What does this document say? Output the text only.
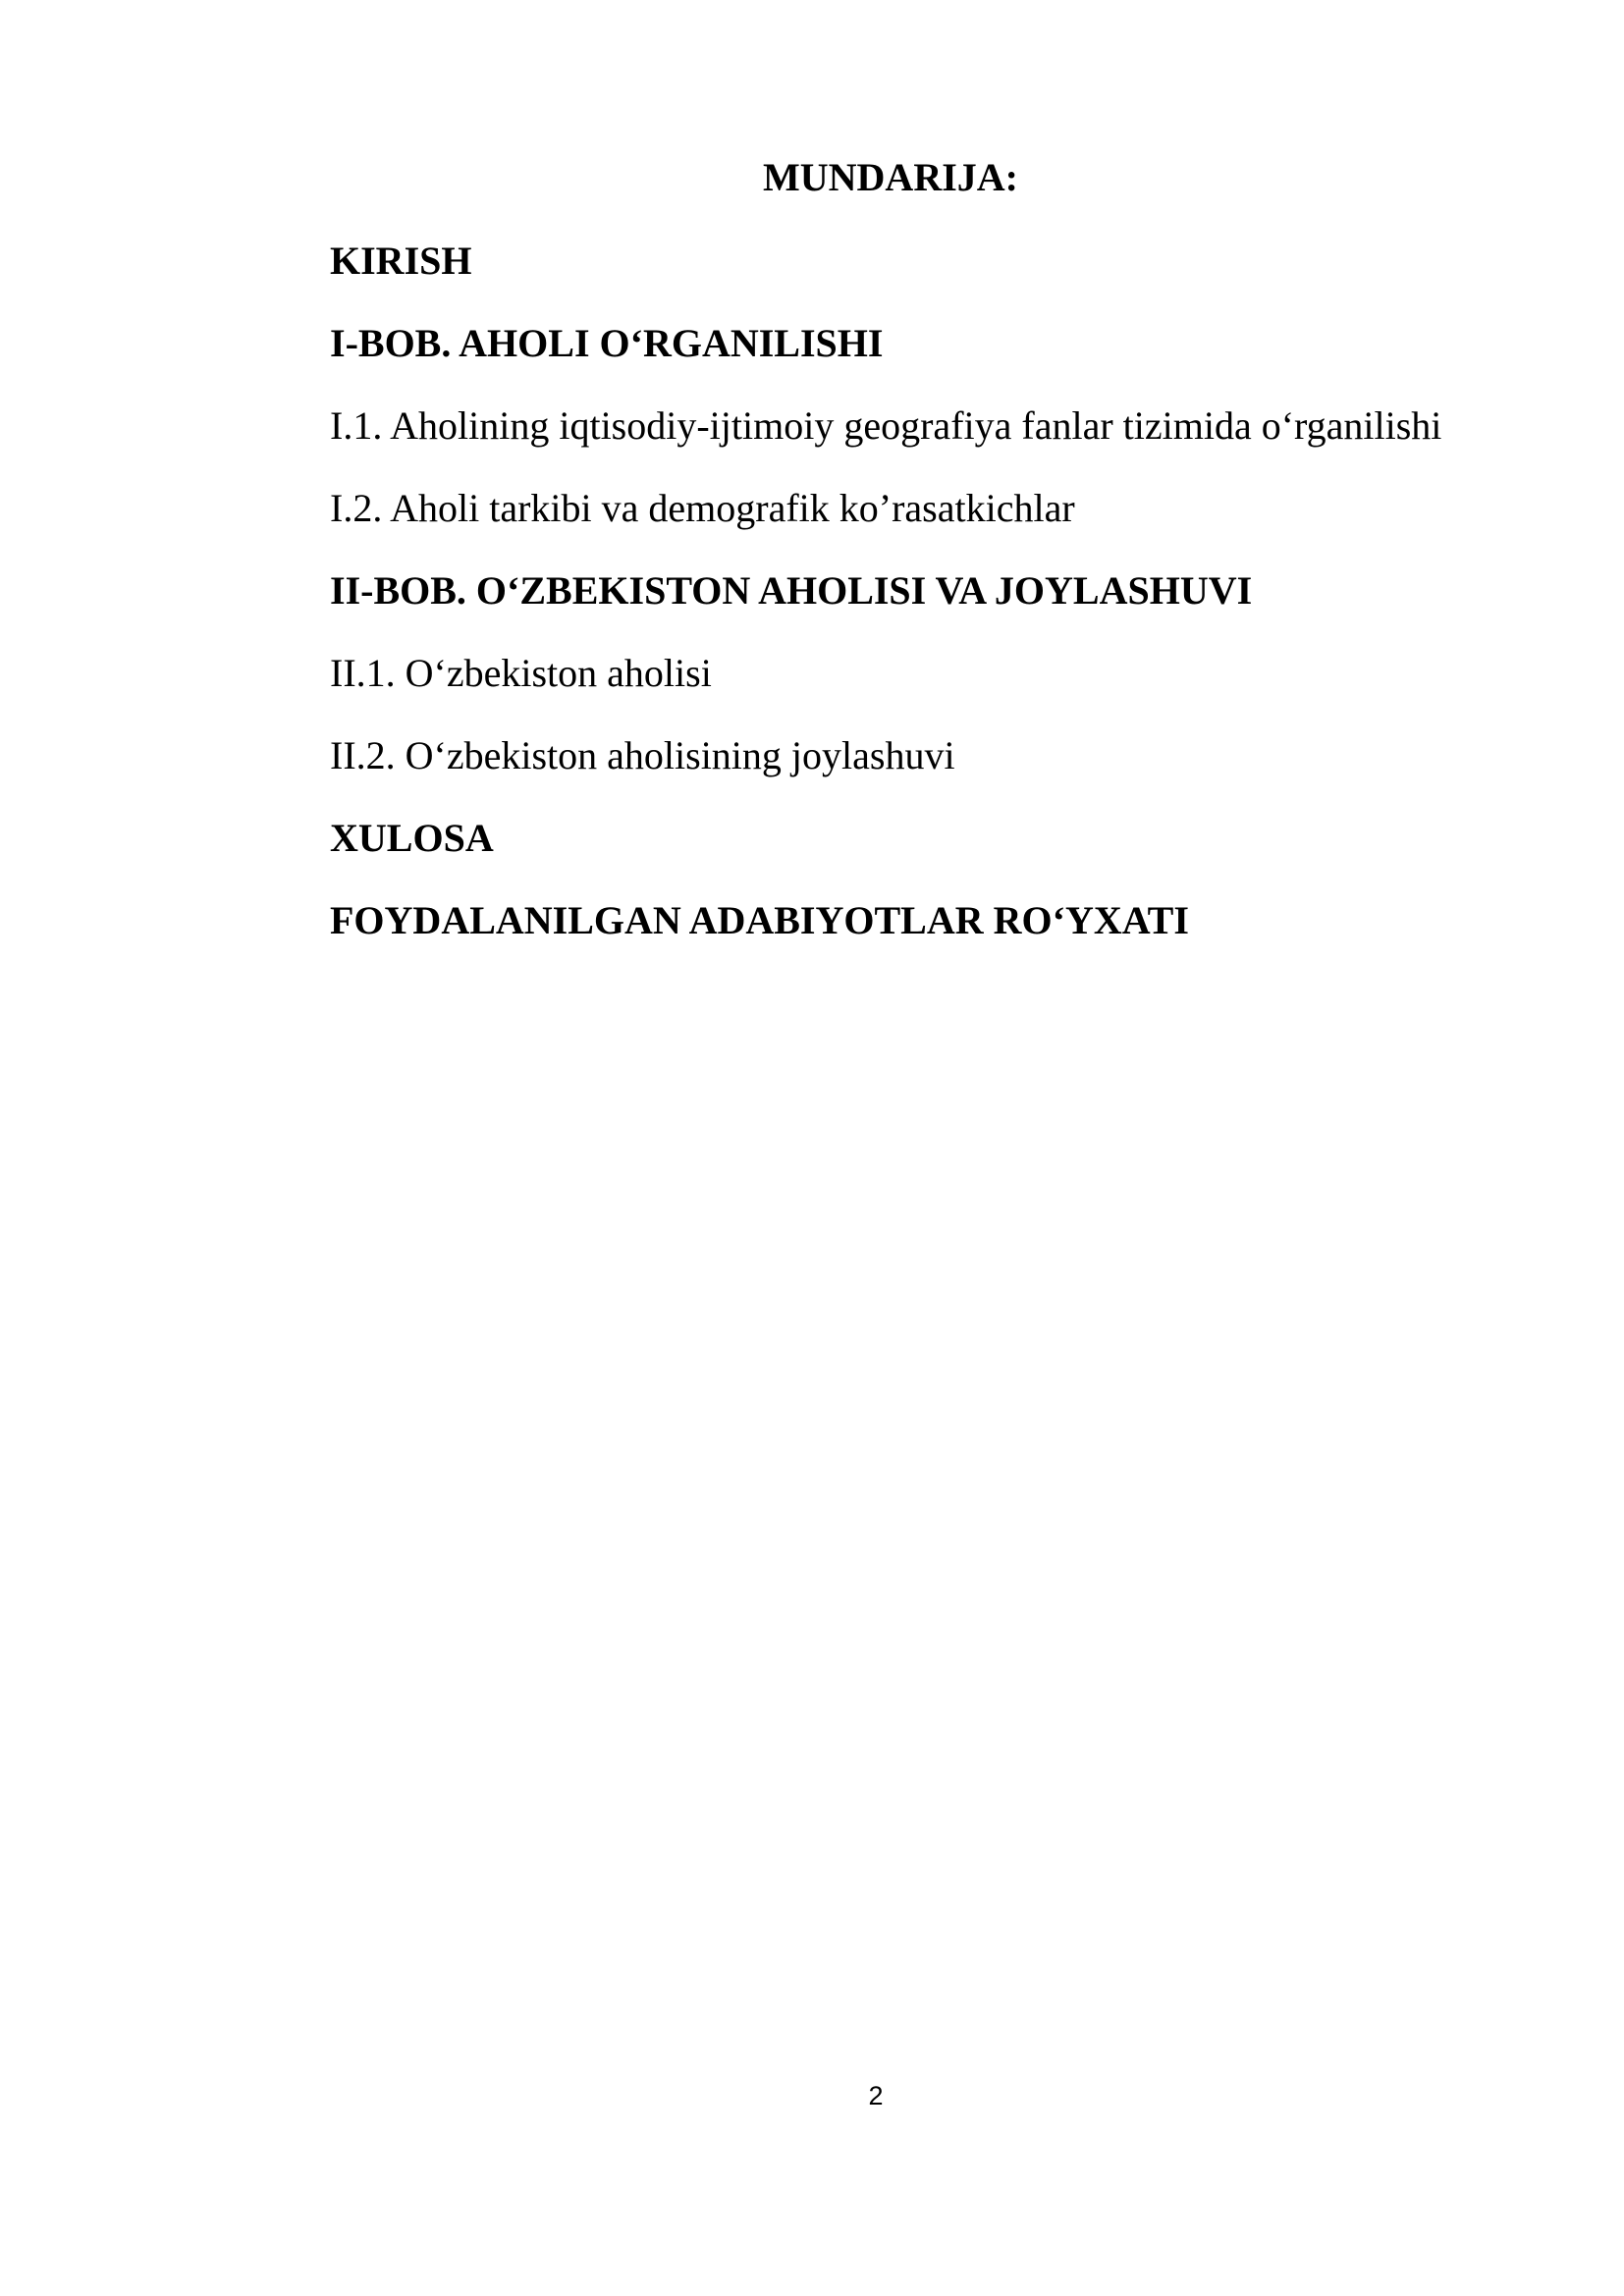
MUNDARIJA:
KIRISH
I-BOB. AHOLI O‘RGANILISHI
I.1. Aholining iqtisodiy-ijtimoiy geografiya fanlar tizimida o‘rganilishi
I.2. Aholi tarkibi va demografik ko’rasatkichlar
II-BOB. O‘ZBEKISTON AHOLISI VA JOYLASHUVI
II.1. O‘zbekiston aholisi
II.2. O‘zbekiston aholisining joylashuvi
XULOSA
FOYDALANILGAN ADABIYOTLAR RO‘YXATI
2
